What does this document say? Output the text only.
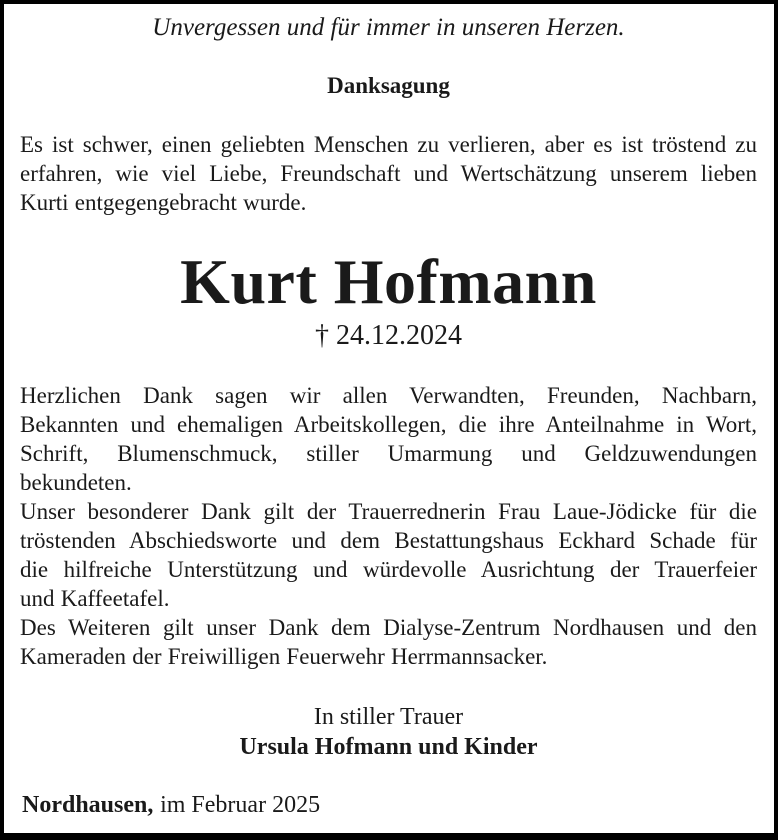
Unvergessen und für immer in unseren Herzen.
Danksagung
Es ist schwer, einen geliebten Menschen zu verlieren, aber es ist tröstend zu
erfahren, wie viel Liebe, Freundschaft und Wertschätzung unserem lieben
Kurti entgegengebracht wurde.
Kurt Hofmann
† 24.12.2024
Herzlichen Dank sagen wir allen Verwandten, Freunden, Nachbarn,
Bekannten und ehemaligen Arbeitskollegen, die ihre Anteilnahme in Wort,
Schrift, Blumenschmuck, stiller Umarmung und Geldzuwendungen
bekundeten.
Unser besonderer Dank gilt der Trauerrednerin Frau Laue-Jödicke für die
tröstenden Abschiedsworte und dem Bestattungshaus Eckhard Schade für
die hilfreiche Unterstützung und würdevolle Ausrichtung der Trauerfeier
und Kaffeetafel.
Des Weiteren gilt unser Dank dem Dialyse-Zentrum Nordhausen und den
Kameraden der Freiwilligen Feuerwehr Herrmannsacker.
In stiller Trauer
Ursula Hofmann und Kinder
Nordhausen, im Februar 2025
